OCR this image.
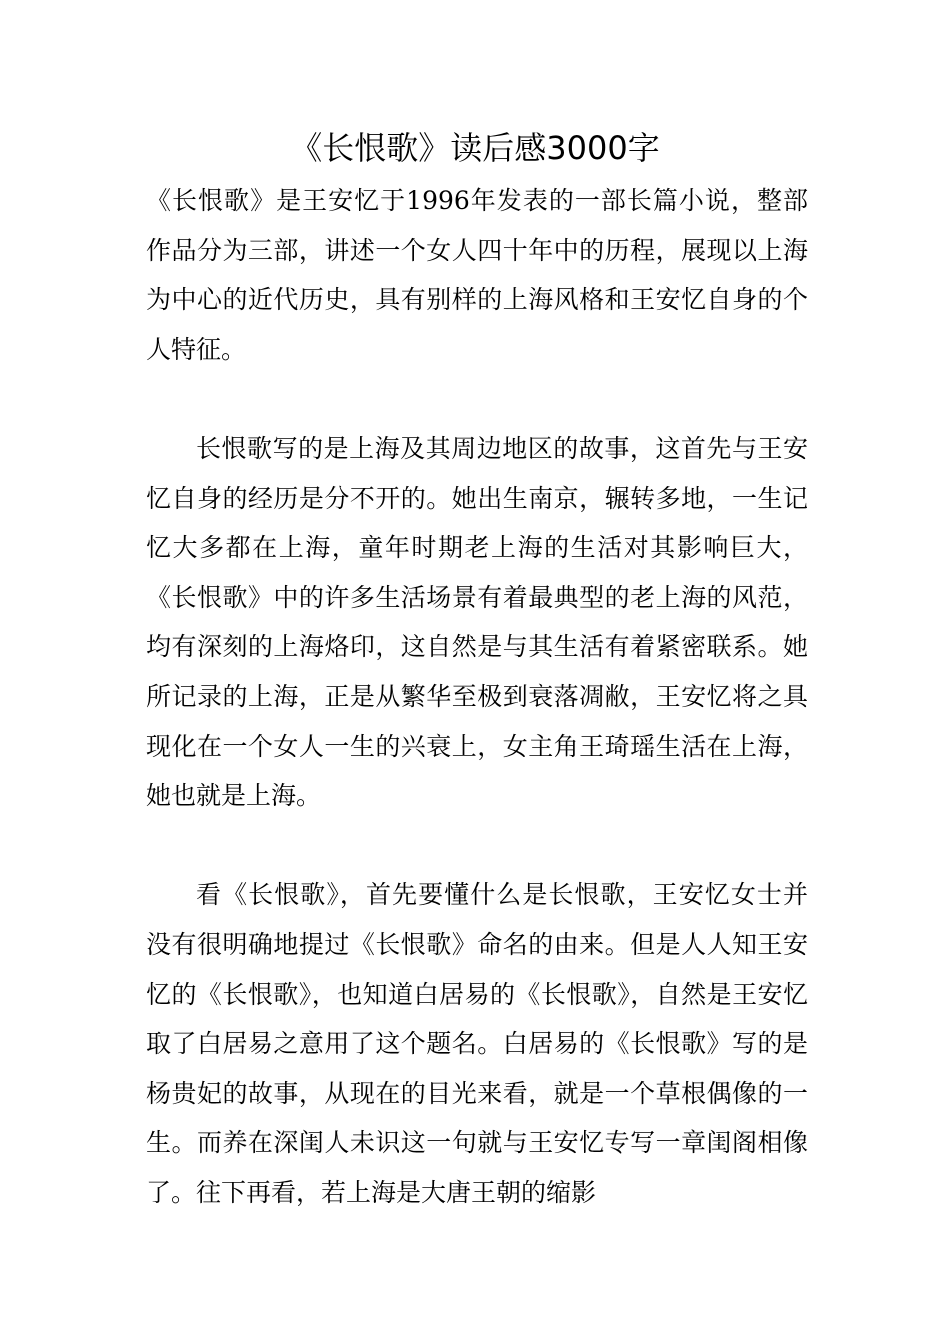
《长恨歌》读后感3000字

《长恨歌》是王安忆于1996年发表的一部长篇小说，整部作品分为三部，讲述一个女人四十年中的历程，展现以上海为中心的近代历史，具有别样的上海风格和王安忆自身的个人特征。

长恨歌写的是上海及其周边地区的故事，这首先与王安忆自身的经历是分不开的。她出生南京，辗转多地，一生记忆大多都在上海，童年时期老上海的生活对其影响巨大，《长恨歌》中的许多生活场景有着最典型的老上海的风范，均有深刻的上海烙印，这自然是与其生活有着紧密联系。她所记录的上海，正是从繁华至极到衰落凋敝，王安忆将之具现化在一个女人一生的兴衰上，女主角王琦瑶生活在上海，她也就是上海。

看《长恨歌》，首先要懂什么是长恨歌，王安忆女士并没有很明确地提过《长恨歌》命名的由来。但是人人知王安忆的《长恨歌》，也知道白居易的《长恨歌》，自然是王安忆取了白居易之意用了这个题名。白居易的《长恨歌》写的是杨贵妃的故事，从现在的目光来看，就是一个草根偶像的一生。而养在深闺人未识这一句就与王安忆专写一章闺阁相像了。往下再看，若上海是大唐王朝的缩影
